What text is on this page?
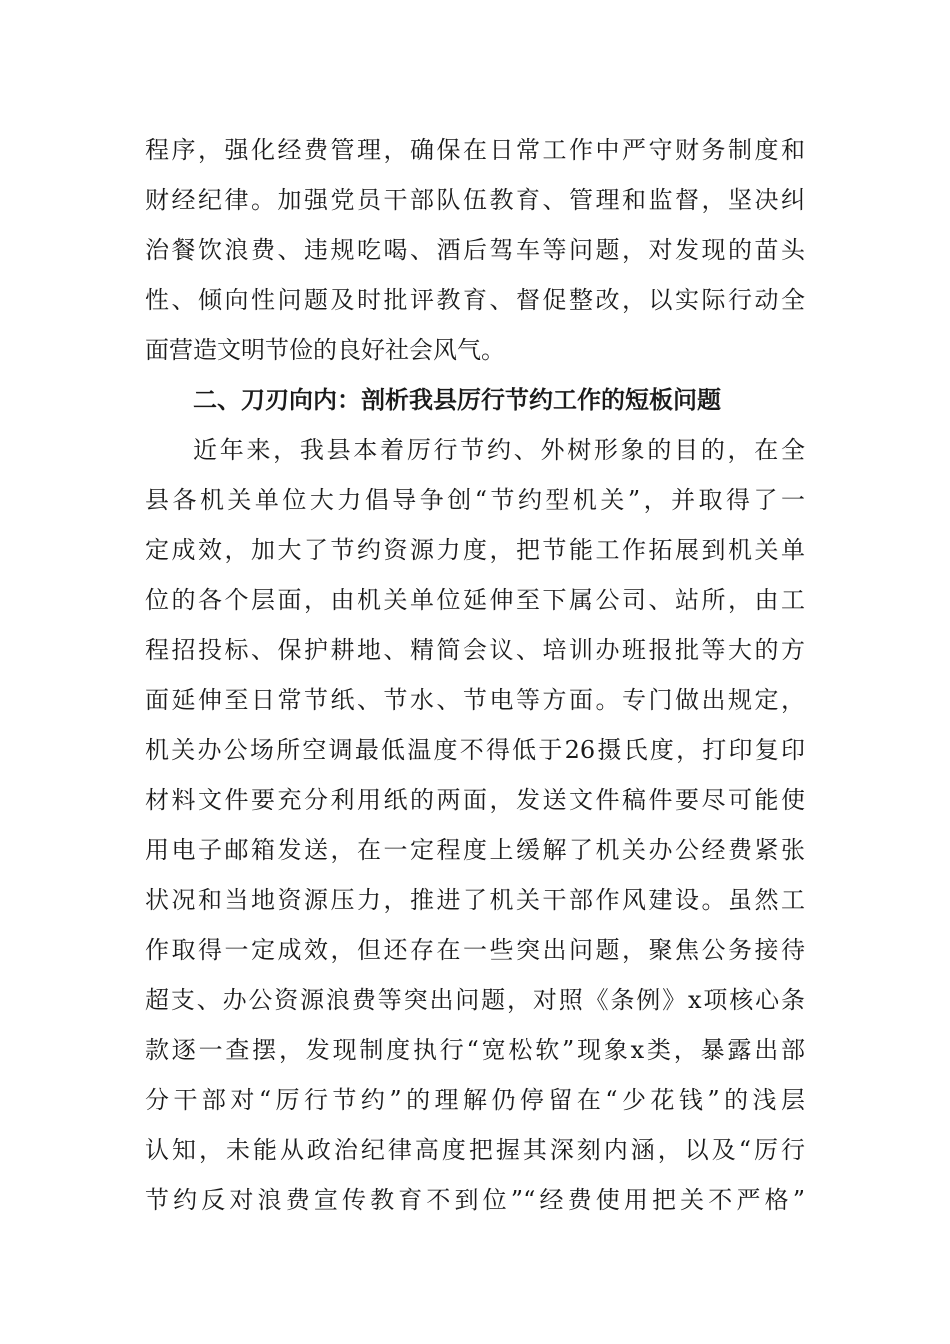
程序，强化经费管理，确保在日常工作中严守财务制度和
财经纪律。加强党员干部队伍教育、管理和监督，坚决纠
治餐饮浪费、违规吃喝、酒后驾车等问题，对发现的苗头
性、倾向性问题及时批评教育、督促整改，以实际行动全
面营造文明节俭的良好社会风气。
二、刀刃向内：剖析我县厉行节约工作的短板问题
近年来，我县本着厉行节约、外树形象的目的，在全
县各机关单位大力倡导争创“节约型机关”，并取得了一
定成效，加大了节约资源力度，把节能工作拓展到机关单
位的各个层面，由机关单位延伸至下属公司、站所，由工
程招投标、保护耕地、精简会议、培训办班报批等大的方
面延伸至日常节纸、节水、节电等方面。专门做出规定，
机关办公场所空调最低温度不得低于26摄氏度，打印复印
材料文件要充分利用纸的两面，发送文件稿件要尽可能使
用电子邮箱发送，在一定程度上缓解了机关办公经费紧张
状况和当地资源压力，推进了机关干部作风建设。虽然工
作取得一定成效，但还存在一些突出问题，聚焦公务接待
超支、办公资源浪费等突出问题，对照《条例》x项核心条
款逐一查摆，发现制度执行“宽松软”现象x类，暴露出部
分干部对“厉行节约”的理解仍停留在“少花钱”的浅层
认知，未能从政治纪律高度把握其深刻内涵，以及“厉行
节约反对浪费宣传教育不到位”“经费使用把关不严格”
